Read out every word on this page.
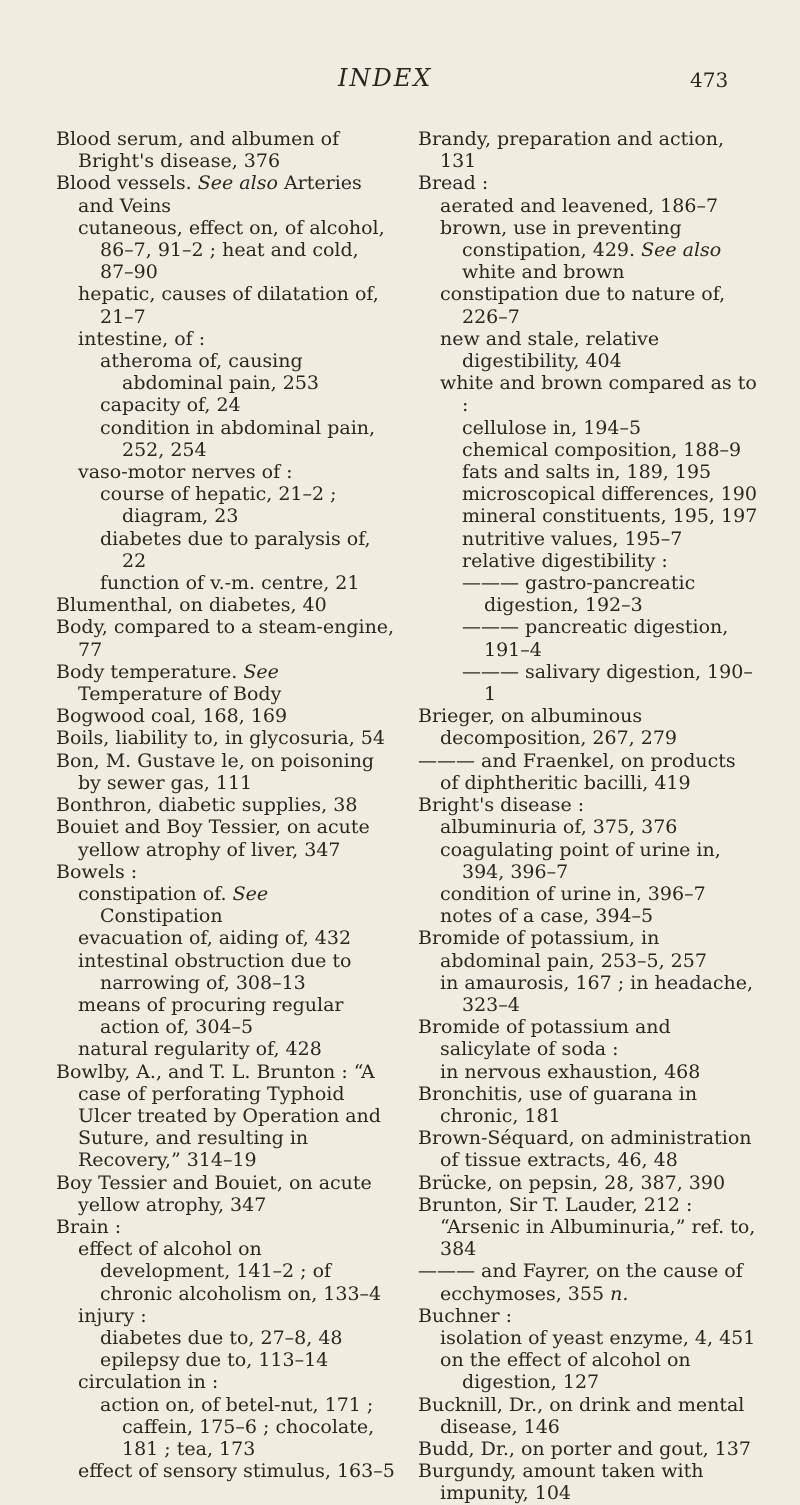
INDEX	473
Blood serum, and albumen of Bright's disease, 376
Blood vessels. See also Arteries and Veins
cutaneous, effect on, of alcohol, 86–7, 91–2 ; heat and cold, 87–90
hepatic, causes of dilatation of, 21–7
intestine, of :
atheroma of, causing abdominal pain, 253
capacity of, 24
condition in abdominal pain, 252, 254
vaso-motor nerves of :
course of hepatic, 21–2 ; diagram, 23
diabetes due to paralysis of, 22
function of v.-m. centre, 21
Blumenthal, on diabetes, 40
Body, compared to a steam-engine, 77
Body temperature. See Temperature of Body
Bogwood coal, 168, 169
Boils, liability to, in glycosuria, 54
Bon, M. Gustave le, on poisoning by sewer gas, 111
Bonthron, diabetic supplies, 38
Bouiet and Boy Tessier, on acute yellow atrophy of liver, 347
Bowels :
constipation of. See Constipation
evacuation of, aiding of, 432
intestinal obstruction due to narrowing of, 308–13
means of procuring regular action of, 304–5
natural regularity of, 428
Bowlby, A., and T. L. Brunton : “A case of perforating Typhoid Ulcer treated by Operation and Suture, and resulting in Recovery,” 314–19
Boy Tessier and Bouiet, on acute yellow atrophy, 347
Brain :
effect of alcohol on development, 141–2 ; of chronic alcoholism on, 133–4
injury :
diabetes due to, 27–8, 48
epilepsy due to, 113–14
circulation in :
action on, of betel-nut, 171 ; caffein, 175–6 ; chocolate, 181 ; tea, 173
effect of sensory stimulus, 163–5
Brandy, preparation and action, 131
Bread :
aerated and leavened, 186–7
brown, use in preventing constipation, 429. See also white and brown
constipation due to nature of, 226–7
new and stale, relative digestibility, 404
white and brown compared as to :
cellulose in, 194–5
chemical composition, 188–9
fats and salts in, 189, 195
microscopical differences, 190
mineral constituents, 195, 197
nutritive values, 195–7
relative digestibility :
——— gastro-pancreatic digestion, 192–3
——— pancreatic digestion, 191–4
——— salivary digestion, 190–1
Brieger, on albuminous decomposition, 267, 279
——— and Fraenkel, on products of diphtheritic bacilli, 419
Bright's disease :
albuminuria of, 375, 376
coagulating point of urine in, 394, 396–7
condition of urine in, 396–7
notes of a case, 394–5
Bromide of potassium, in abdominal pain, 253–5, 257
in amaurosis, 167 ; in headache, 323–4
Bromide of potassium and salicylate of soda :
in nervous exhaustion, 468
Bronchitis, use of guarana in chronic, 181
Brown-Séquard, on administration of tissue extracts, 46, 48
Brücke, on pepsin, 28, 387, 390
Brunton, Sir T. Lauder, 212 : “Arsenic in Albuminuria,” ref. to, 384
——— and Fayrer, on the cause of ecchymoses, 355 n.
Buchner :
isolation of yeast enzyme, 4, 451
on the effect of alcohol on digestion, 127
Bucknill, Dr., on drink and mental disease, 146
Budd, Dr., on porter and gout, 137
Burgundy, amount taken with impunity, 104
